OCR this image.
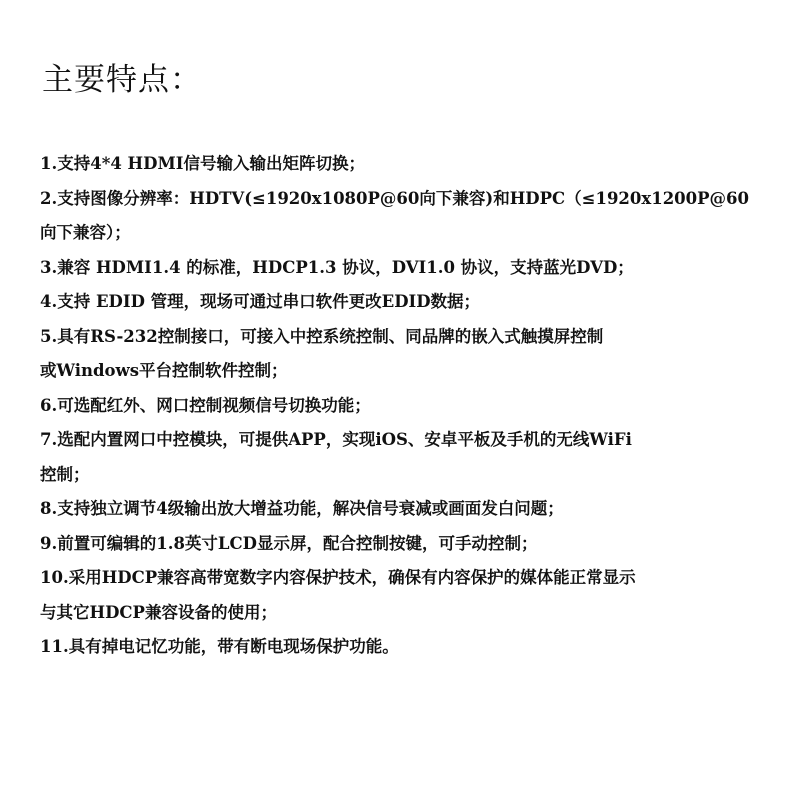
主要特点：
1.支持4*4 HDMI信号输入输出矩阵切换；
2.支持图像分辨率：HDTV(≤1920x1080P@60向下兼容)和HDPC（≤1920x1200P@60
向下兼容）；
3.兼容 HDMI1.4 的标准，HDCP1.3 协议，DVI1.0 协议，支持蓝光DVD；
4.支持 EDID 管理，现场可通过串口软件更改EDID数据；
5.具有RS-232控制接口，可接入中控系统控制、同品牌的嵌入式触摸屏控制
或Windows平台控制软件控制；
6.可选配红外、网口控制视频信号切换功能；
7.选配内置网口中控模块，可提供APP，实现iOS、安卓平板及手机的无线WiFi
控制；
8.支持独立调节4级输出放大增益功能，解决信号衰减或画面发白问题；
9.前置可编辑的1.8英寸LCD显示屏，配合控制按键，可手动控制；
10.采用HDCP兼容高带宽数字内容保护技术，确保有内容保护的媒体能正常显示
与其它HDCP兼容设备的使用；
11.具有掉电记忆功能，带有断电现场保护功能。
